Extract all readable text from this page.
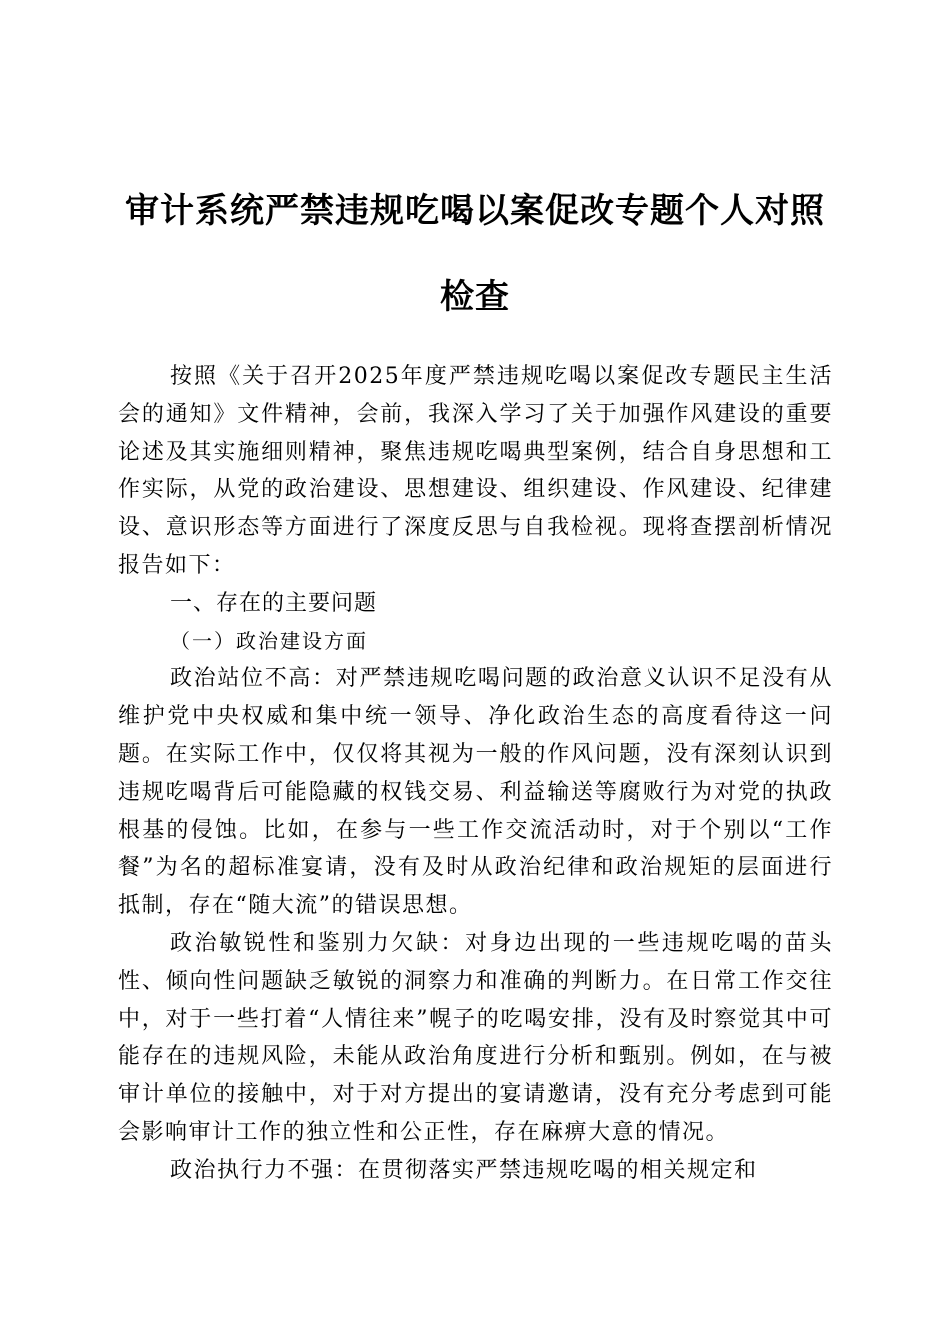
审计系统严禁违规吃喝以案促改专题个人对照检查

按照《关于召开2025年度严禁违规吃喝以案促改专题民主生活会的通知》文件精神，会前，我深入学习了关于加强作风建设的重要论述及其实施细则精神，聚焦违规吃喝典型案例，结合自身思想和工作实际，从党的政治建设、思想建设、组织建设、作风建设、纪律建设、意识形态等方面进行了深度反思与自我检视。现将查摆剖析情况报告如下：

一、存在的主要问题

（一）政治建设方面

政治站位不高：对严禁违规吃喝问题的政治意义认识不足没有从维护党中央权威和集中统一领导、净化政治生态的高度看待这一问题。在实际工作中，仅仅将其视为一般的作风问题，没有深刻认识到违规吃喝背后可能隐藏的权钱交易、利益输送等腐败行为对党的执政根基的侵蚀。比如，在参与一些工作交流活动时，对于个别以“工作餐”为名的超标准宴请，没有及时从政治纪律和政治规矩的层面进行抵制，存在“随大流”的错误思想。

政治敏锐性和鉴别力欠缺：对身边出现的一些违规吃喝的苗头性、倾向性问题缺乏敏锐的洞察力和准确的判断力。在日常工作交往中，对于一些打着“人情往来”幌子的吃喝安排，没有及时察觉其中可能存在的违规风险，未能从政治角度进行分析和甄别。例如，在与被审计单位的接触中，对于对方提出的宴请邀请，没有充分考虑到可能会影响审计工作的独立性和公正性，存在麻痹大意的情况。

政治执行力不强：在贯彻落实严禁违规吃喝的相关规定和
